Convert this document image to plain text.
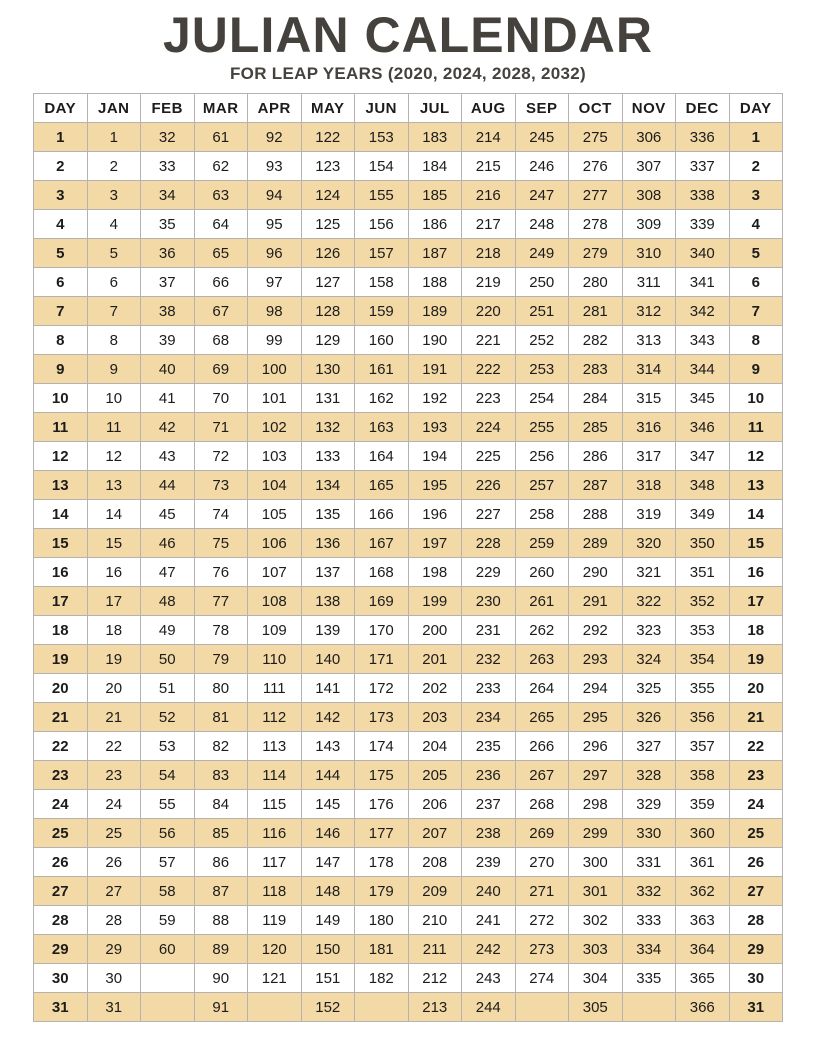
JULIAN CALENDAR
FOR LEAP YEARS (2020, 2024, 2028, 2032)
DAY	JAN	FEB	MAR	APR	MAY	JUN	JUL	AUG	SEP	OCT	NOV	DEC	DAY
1	1	32	61	92	122	153	183	214	245	275	306	336	1
2	2	33	62	93	123	154	184	215	246	276	307	337	2
3	3	34	63	94	124	155	185	216	247	277	308	338	3
4	4	35	64	95	125	156	186	217	248	278	309	339	4
5	5	36	65	96	126	157	187	218	249	279	310	340	5
6	6	37	66	97	127	158	188	219	250	280	311	341	6
7	7	38	67	98	128	159	189	220	251	281	312	342	7
8	8	39	68	99	129	160	190	221	252	282	313	343	8
9	9	40	69	100	130	161	191	222	253	283	314	344	9
10	10	41	70	101	131	162	192	223	254	284	315	345	10
11	11	42	71	102	132	163	193	224	255	285	316	346	11
12	12	43	72	103	133	164	194	225	256	286	317	347	12
13	13	44	73	104	134	165	195	226	257	287	318	348	13
14	14	45	74	105	135	166	196	227	258	288	319	349	14
15	15	46	75	106	136	167	197	228	259	289	320	350	15
16	16	47	76	107	137	168	198	229	260	290	321	351	16
17	17	48	77	108	138	169	199	230	261	291	322	352	17
18	18	49	78	109	139	170	200	231	262	292	323	353	18
19	19	50	79	110	140	171	201	232	263	293	324	354	19
20	20	51	80	111	141	172	202	233	264	294	325	355	20
21	21	52	81	112	142	173	203	234	265	295	326	356	21
22	22	53	82	113	143	174	204	235	266	296	327	357	22
23	23	54	83	114	144	175	205	236	267	297	328	358	23
24	24	55	84	115	145	176	206	237	268	298	329	359	24
25	25	56	85	116	146	177	207	238	269	299	330	360	25
26	26	57	86	117	147	178	208	239	270	300	331	361	26
27	27	58	87	118	148	179	209	240	271	301	332	362	27
28	28	59	88	119	149	180	210	241	272	302	333	363	28
29	29	60	89	120	150	181	211	242	273	303	334	364	29
30	30		90	121	151	182	212	243	274	304	335	365	30
31	31		91		152		213	244		305		366	31
